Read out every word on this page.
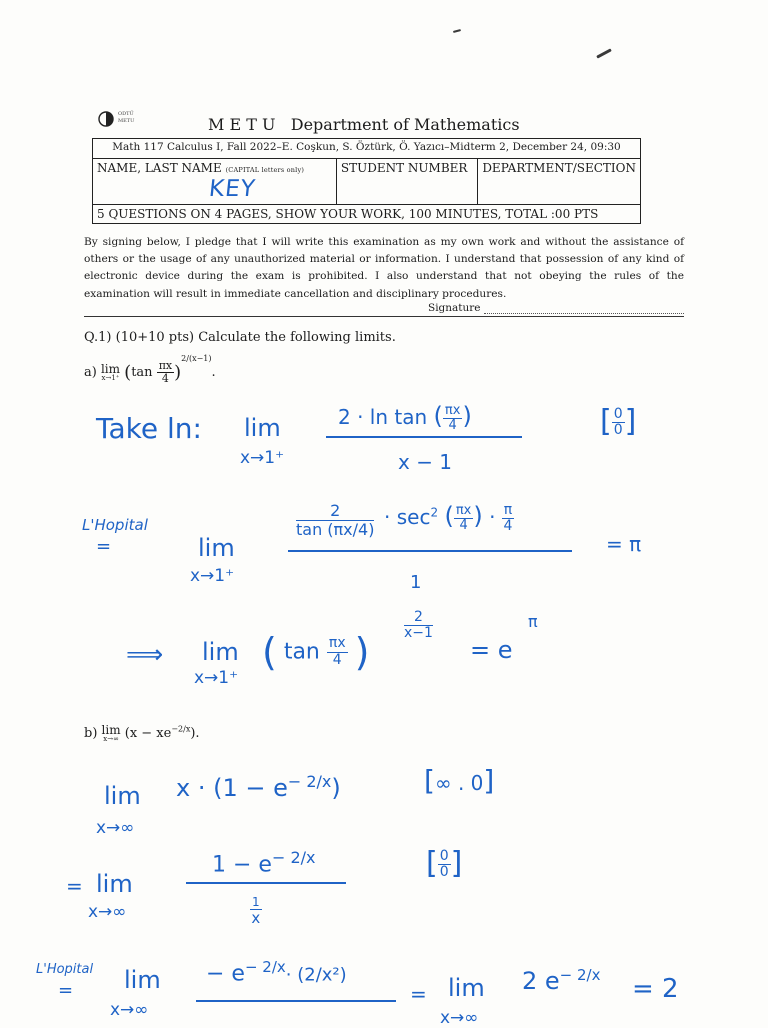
ODTÜ METU	M E T U Department of Mathematics
Math 117 Calculus I, Fall 2022–E. Coşkun, S. Öztürk, Ö. Yazıcı–Midterm 2, December 24, 09:30
NAME, LAST NAME (CAPITAL letters only)
KEY
	STUDENT NUMBER	DEPARTMENT/SECTION
5 QUESTIONS ON 4 PAGES, SHOW YOUR WORK, 100 MINUTES, TOTAL :00 PTS
By signing below, I pledge that I will write this examination as my own work and without the assistance of others or the usage of any unauthorized material or information. I understand that possession of any kind of electronic device during the exam is prohibited. I also understand that not obeying the rules of the examination will result in immediate cancellation and disciplinary procedures.
Signature
Q.1) (10+10 pts) Calculate the following limits.
a) lim
x→1⁺ $(\tan \frac{\pi x}{4} )^{2/(x-1)}$.
Take ln: lim
x→1⁺
2 · ln tan ( $\frac{\pi x}{4}$ )
x − 1
[ $\frac{0}{0}$ ]
L'Hopital
=	lim
x→1⁺
$\frac{2}{\tan (\pi x/4)} \cdot \sec^2$ ( $\frac{\pi x}{4}$ ) · $\frac{\pi}{4}$
1
= π
⟹ lim
x→1⁺
( $\tan \frac{\pi x}{4}$ )
$\frac{2}{x-1}$
= e
π
b) lim
x→∞ $(x - xe^{-2/x})$.
lim
x→∞
$x \cdot (1 - e^{- 2/x})$	[∞ . 0]
= lim
x→∞
$1 - e^{- 2/x}$
$\frac{1}{x}$
[ $\frac{0}{0}$ ]
L'Hopital
= lim
x→∞
− $e^{- 2/x}\cdot (2/x^2)$
= lim
x→∞
2 $e^{- 2/x} = 2$
